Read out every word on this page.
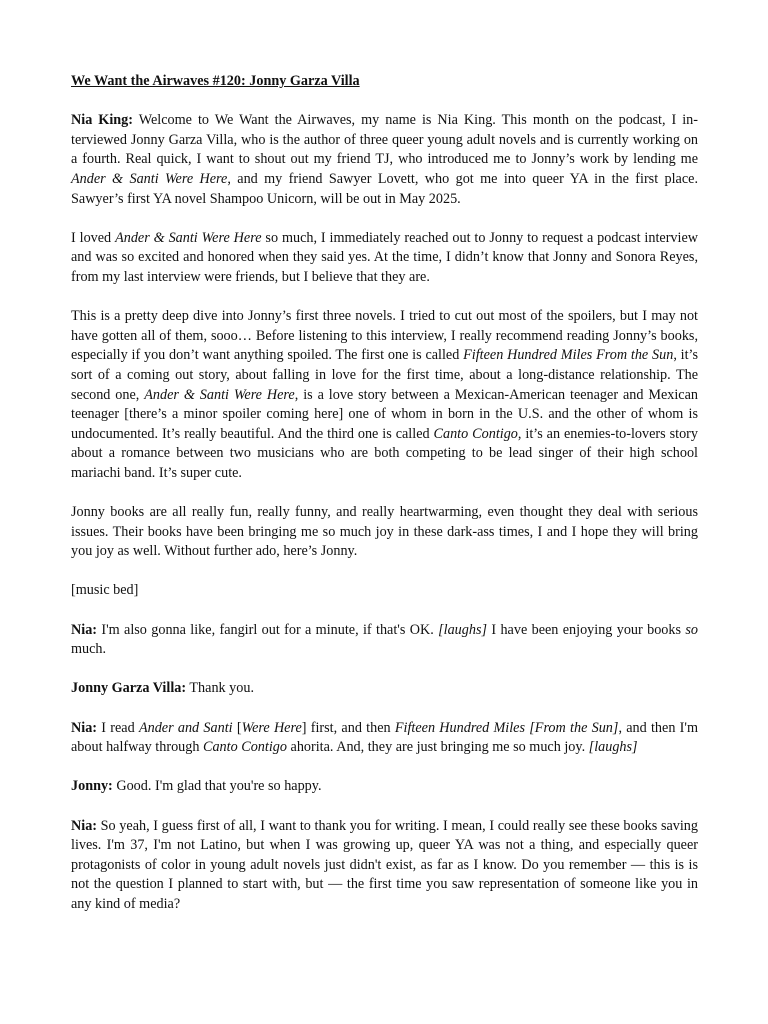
We Want the Airwaves #120: Jonny Garza Villa

Nia King: Welcome to We Want the Airwaves, my name is Nia King. This month on the podcast, I interviewed Jonny Garza Villa, who is the author of three queer young adult novels and is currently working on a fourth. Real quick, I want to shout out my friend TJ, who introduced me to Jonny’s work by lending me Ander & Santi Were Here, and my friend Sawyer Lovett, who got me into queer YA in the first place. Sawyer’s first YA novel Shampoo Unicorn, will be out in May 2025.

I loved Ander & Santi Were Here so much, I immediately reached out to Jonny to request a podcast interview and was so excited and honored when they said yes. At the time, I didn’t know that Jonny and Sonora Reyes, from my last interview were friends, but I believe that they are.

This is a pretty deep dive into Jonny’s first three novels. I tried to cut out most of the spoilers, but I may not have gotten all of them, sooo… Before listening to this interview, I really recommend reading Jonny’s books, especially if you don’t want anything spoiled. The first one is called Fifteen Hundred Miles From the Sun, it’s sort of a coming out story, about falling in love for the first time, about a long-distance relationship. The second one, Ander & Santi Were Here, is a love story between a Mexican-American teenager and Mexican teenager [there’s a minor spoiler coming here] one of whom in born in the U.S. and the other of whom is undocumented. It’s really beautiful. And the third one is called Canto Contigo, it’s an enemies-to-lovers story about a romance between two musicians who are both competing to be lead singer of their high school mariachi band. It’s super cute.

Jonny books are all really fun, really funny, and really heartwarming, even thought they deal with serious issues. Their books have been bringing me so much joy in these dark-ass times, I and I hope they will bring you joy as well. Without further ado, here’s Jonny.

[music bed]

Nia: I'm also gonna like, fangirl out for a minute, if that's OK. [laughs] I have been enjoying your books so much.

Jonny Garza Villa: Thank you.

Nia: I read Ander and Santi [Were Here] first, and then Fifteen Hundred Miles [From the Sun], and then I'm about halfway through Canto Contigo ahorita. And, they are just bringing me so much joy. [laughs]

Jonny: Good. I'm glad that you're so happy.

Nia: So yeah, I guess first of all, I want to thank you for writing. I mean, I could really see these books saving lives. I'm 37, I'm not Latino, but when I was growing up, queer YA was not a thing, and especially queer protagonists of color in young adult novels just didn't exist, as far as I know. Do you remember — this is is not the question I planned to start with, but — the first time you saw representation of someone like you in any kind of media?
